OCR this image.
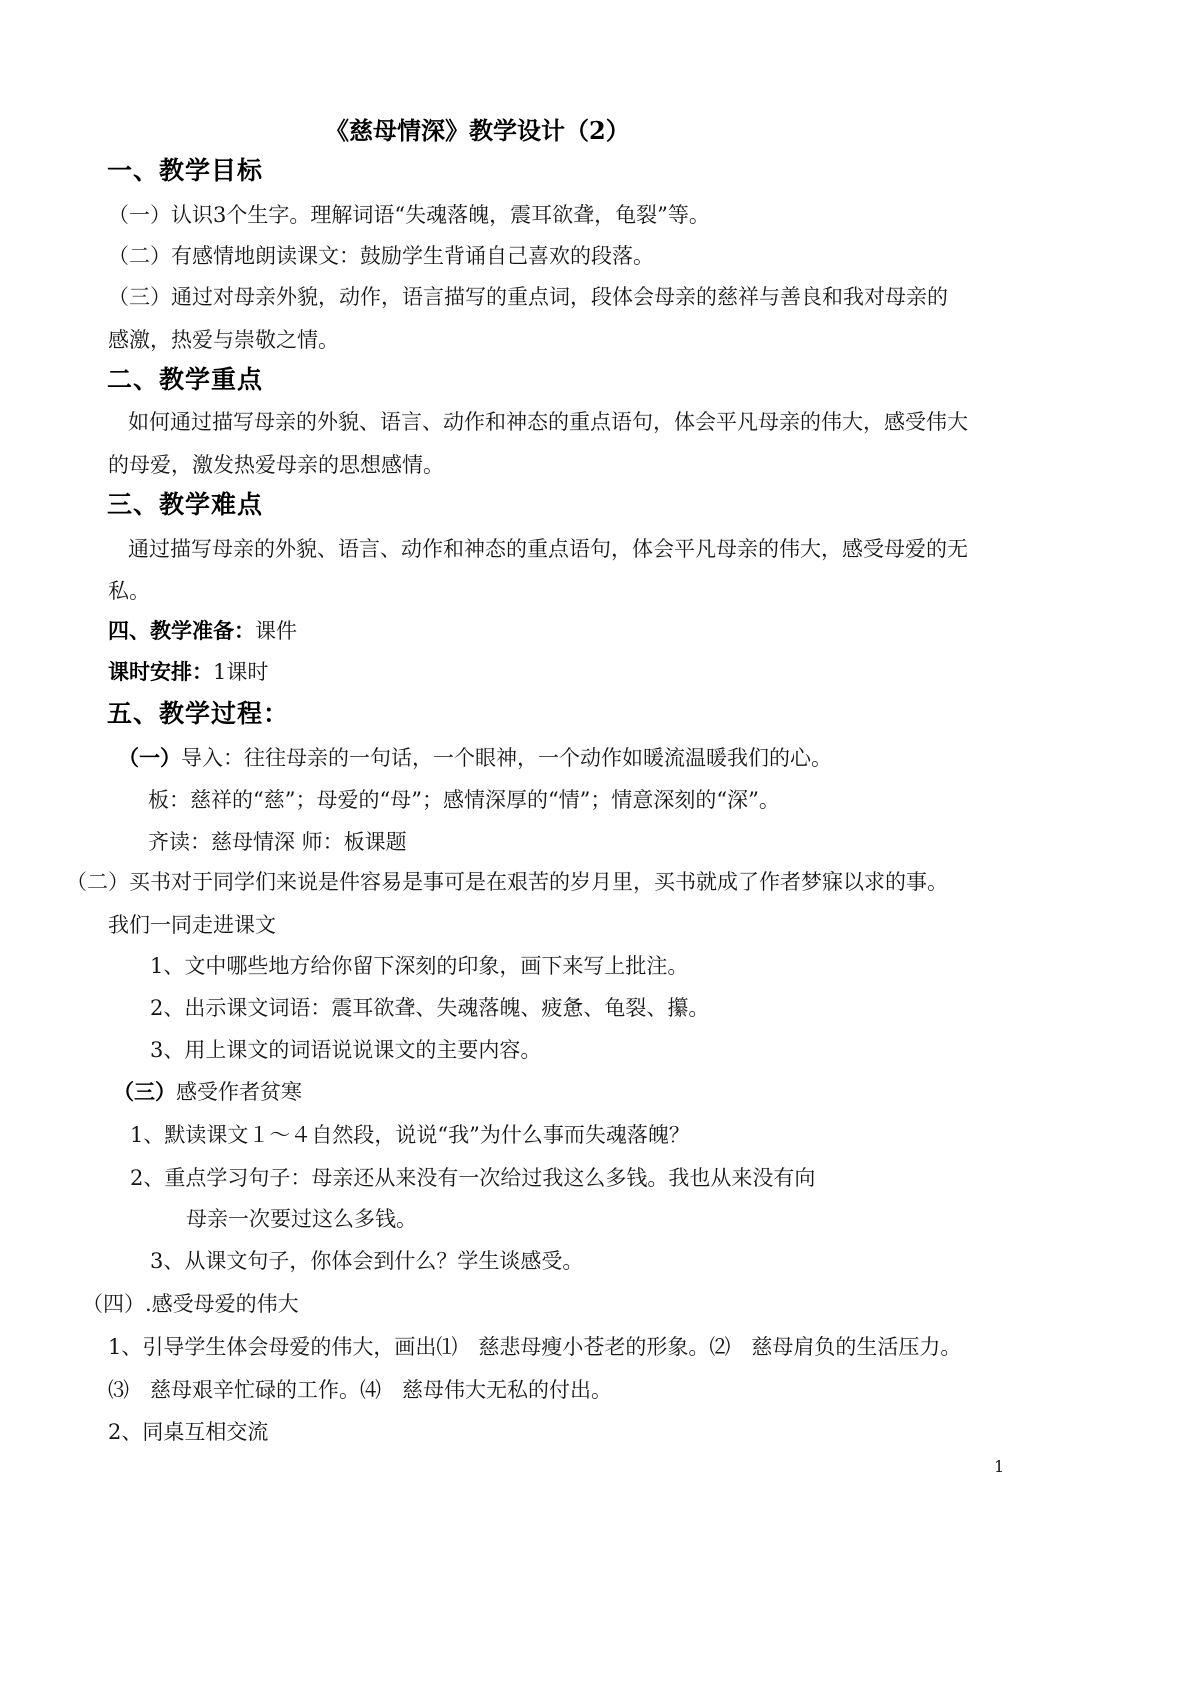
《慈母情深》教学设计（2）
一、教学目标
（一）认识3个生字。理解词语“失魂落魄，震耳欲聋，龟裂”等。
（二）有感情地朗读课文：鼓励学生背诵自己喜欢的段落。
（三）通过对母亲外貌，动作，语言描写的重点词，段体会母亲的慈祥与善良和我对母亲的
感激，热爱与崇敬之情。
二、教学重点
如何通过描写母亲的外貌、语言、动作和神态的重点语句，体会平凡母亲的伟大，感受伟大
的母爱，激发热爱母亲的思想感情。
三、教学难点
通过描写母亲的外貌、语言、动作和神态的重点语句，体会平凡母亲的伟大，感受母爱的无
私。
四、教学准备：课件
课时安排：1课时
五、教学过程：
（一）导入：往往母亲的一句话，一个眼神，一个动作如暖流温暖我们的心。
板：慈祥的“慈”；母爱的“母”；感情深厚的“情”；情意深刻的“深”。
齐读：慈母情深 师：板课题
（二）买书对于同学们来说是件容易是事可是在艰苦的岁月里，买书就成了作者梦寐以求的事。
我们一同走进课文
1、文中哪些地方给你留下深刻的印象，画下来写上批注。
2、出示课文词语：震耳欲聋、失魂落魄、疲惫、龟裂、攥。
3、用上课文的词语说说课文的主要内容。
（三）感受作者贫寒
1、默读课文１～４自然段，说说“我”为什么事而失魂落魄？
2、重点学习句子：母亲还从来没有一次给过我这么多钱。我也从来没有向
母亲一次要过这么多钱。
3、从课文句子，你体会到什么？学生谈感受。
（四）.感受母爱的伟大
1、引导学生体会母爱的伟大，画出⑴　慈悲母瘦小苍老的形象。⑵　慈母肩负的生活压力。
⑶　慈母艰辛忙碌的工作。⑷　慈母伟大无私的付出。
2、同桌互相交流
1
